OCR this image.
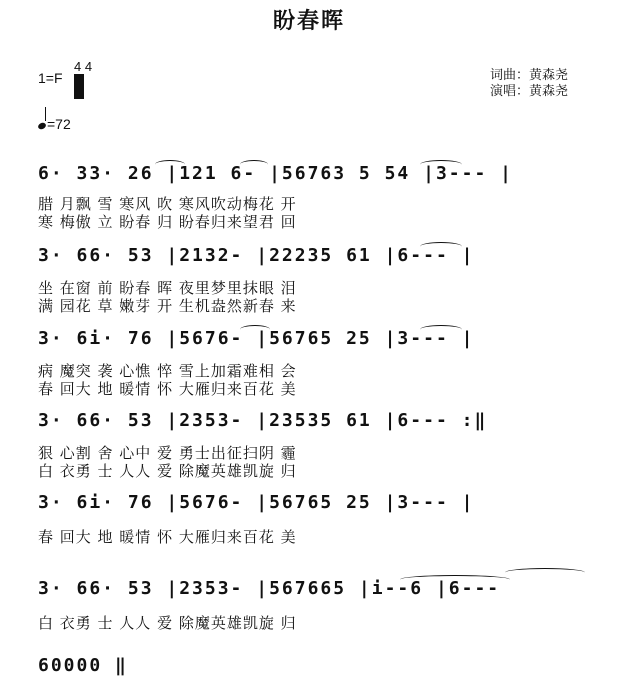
盼春晖
1=F
4 4
词曲：黄森尧
演唱：黄森尧
=72
6· 33· 26 |121 6- |56763 5 54 |3--- |
腊 月飘 雪 寒风 吹 寒风吹动梅花 开
寒 梅傲 立 盼春 归 盼春归来望君 回
3· 66· 53 |2132- |22235 61 |6--- |
坐 在窗 前 盼春 晖 夜里梦里抹眼 泪
满 园花 草 嫩芽 开 生机盎然新春 来
3· 6i· 76 |5676- |56765 25 |3--- |
病 魔突 袭 心憔 悴 雪上加霜难相 会
春 回大 地 暖情 怀 大雁归来百花 美
3· 66· 53 |2353- |23535 61 |6--- :‖
狠 心割 舍 心中 爱 勇士出征扫阴 霾
白 衣勇 士 人人 爱 除魔英雄凯旋 归
3· 6i· 76 |5676- |56765 25 |3--- |
春 回大 地 暖情 怀 大雁归来百花 美
3· 66· 53 |2353- |567665 |i--6 |6---
白 衣勇 士 人人 爱 除魔英雄凯旋 归
60000 ‖
